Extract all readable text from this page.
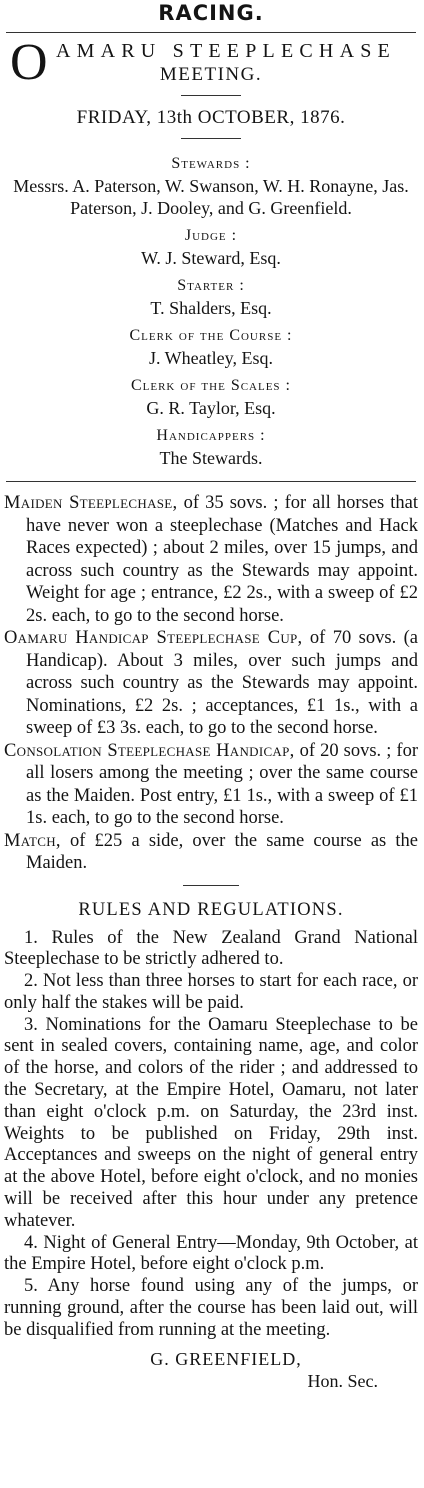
RACING.
O AMARU STEEPLECHASE
MEETING.
FRIDAY, 13th OCTOBER, 1876.
Stewards :
Messrs. A. Paterson, W. Swanson, W. H. Ronayne, Jas. Paterson, J. Dooley, and G. Greenfield.
Judge :
W. J. Steward, Esq.
Starter :
T. Shalders, Esq.
Clerk of the Course :
J. Wheatley, Esq.
Clerk of the Scales :
G. R. Taylor, Esq.
Handicappers :
The Stewards.

Maiden Steeplechase, of 35 sovs. ; for all horses that have never won a steeplechase (Matches and Hack Races expected) ; about 2 miles, over 15 jumps, and across such country as the Stewards may appoint. Weight for age ; entrance, £2 2s., with a sweep of £2 2s. each, to go to the second horse.

Oamaru Handicap Steeplechase Cup, of 70 sovs. (a Handicap). About 3 miles, over such jumps and across such country as the Stewards may appoint. Nominations, £2 2s. ; acceptances, £1 1s., with a sweep of £3 3s. each, to go to the second horse.

Consolation Steeplechase Handicap, of 20 sovs. ; for all losers among the meeting ; over the same course as the Maiden. Post entry, £1 1s., with a sweep of £1 1s. each, to go to the second horse.

Match, of £25 a side, over the same course as the Maiden.

RULES AND REGULATIONS.

1. Rules of the New Zealand Grand National Steeplechase to be strictly adhered to.

2. Not less than three horses to start for each race, or only half the stakes will be paid.

3. Nominations for the Oamaru Steeplechase to be sent in sealed covers, containing name, age, and color of the horse, and colors of the rider ; and addressed to the Secretary, at the Empire Hotel, Oamaru, not later than eight o'clock p.m. on Saturday, the 23rd inst. Weights to be published on Friday, 29th inst. Acceptances and sweeps on the night of general entry at the above Hotel, before eight o'clock, and no monies will be received after this hour under any pretence whatever.

4. Night of General Entry—Monday, 9th October, at the Empire Hotel, before eight o'clock p.m.

5. Any horse found using any of the jumps, or running ground, after the course has been laid out, will be disqualified from running at the meeting.

G. GREENFIELD,
Hon. Sec.
